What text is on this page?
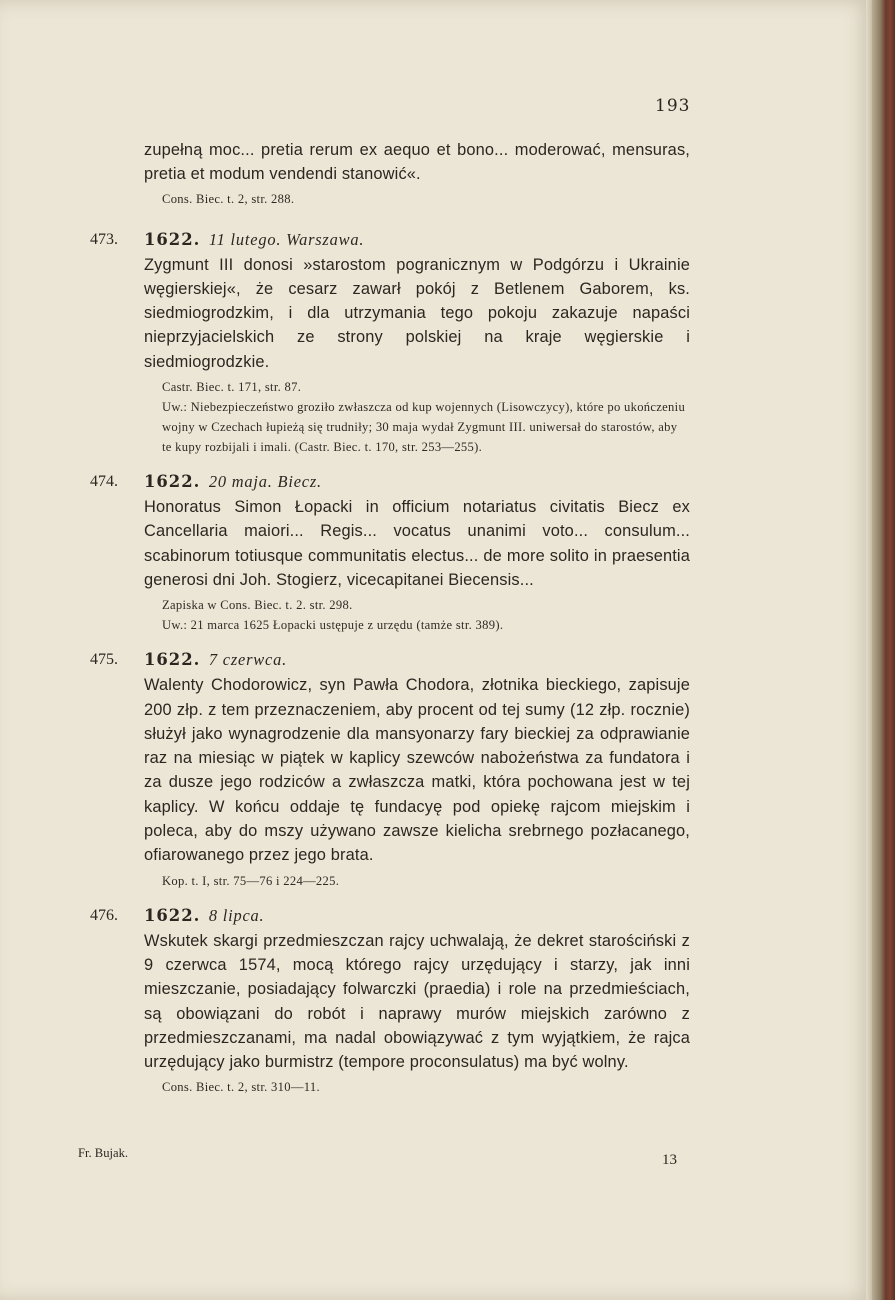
193

zupełną moc... pretia rerum ex aequo et bono... moderować, mensuras, pretia et modum vendendi stanowić«.

Cons. Biec. t. 2, str. 288.
473. 1622. 11 lutego. Warszawa.

Zygmunt III donosi »starostom pogranicznym w Podgórzu i Ukrainie węgierskiej«, że cesarz zawarł pokój z Betlenem Gaborem, ks. siedmiogrodzkim, i dla utrzymania tego pokoju zakazuje napaści nieprzyjacielskich ze strony polskiej na kraje węgierskie i siedmiogrodzkie.

Castr. Biec. t. 171, str. 87.
Uw.: Niebezpieczeństwo groziło zwłaszcza od kup wojennych (Lisowczycy), które po ukończeniu wojny w Czechach łupieżą się trudniły; 30 maja wydał Zygmunt III. uniwersał do starostów, aby te kupy rozbijali i imali. (Castr. Biec. t. 170, str. 253—255).
474. 1622. 20 maja. Biecz.

Honoratus Simon Łopacki in officium notariatus civitatis Biecz ex Cancellaria maiori... Regis... vocatus unanimi voto... consulum... scabinorum totiusque communitatis electus... de more solito in praesentia generosi dni Joh. Stogierz, vicecapitanei Biecensis...

Zapiska w Cons. Biec. t. 2. str. 298.
Uw.: 21 marca 1625 Łopacki ustępuje z urzędu (tamże str. 389).
475. 1622. 7 czerwca.

Walenty Chodorowicz, syn Pawła Chodora, złotnika bieckiego, zapisuje 200 złp. z tem przeznaczeniem, aby procent od tej sumy (12 złp. rocznie) służył jako wynagrodzenie dla mansyonarzy fary bieckiej za odprawianie raz na miesiąc w piątek w kaplicy szewców nabożeństwa za fundatora i za dusze jego rodziców a zwłaszcza matki, która pochowana jest w tej kaplicy. W końcu oddaje tę fundacyę pod opiekę rajcom miejskim i poleca, aby do mszy używano zawsze kielicha srebrnego pozłacanego, ofiarowanego przez jego brata.

Kop. t. I, str. 75—76 i 224—225.
476. 1622. 8 lipca.

Wskutek skargi przedmieszczan rajcy uchwalają, że dekret starościński z 9 czerwca 1574, mocą którego rajcy urzędujący i starzy, jak inni mieszczanie, posiadający folwarczki (praedia) i role na przedmieściach, są obowiązani do robót i naprawy murów miejskich zarówno z przedmieszczanami, ma nadal obowiązywać z tym wyjątkiem, że rajca urzędujący jako burmistrz (tempore proconsulatus) ma być wolny.

Cons. Biec. t. 2, str. 310—11.
Fr. Bujak.	13
